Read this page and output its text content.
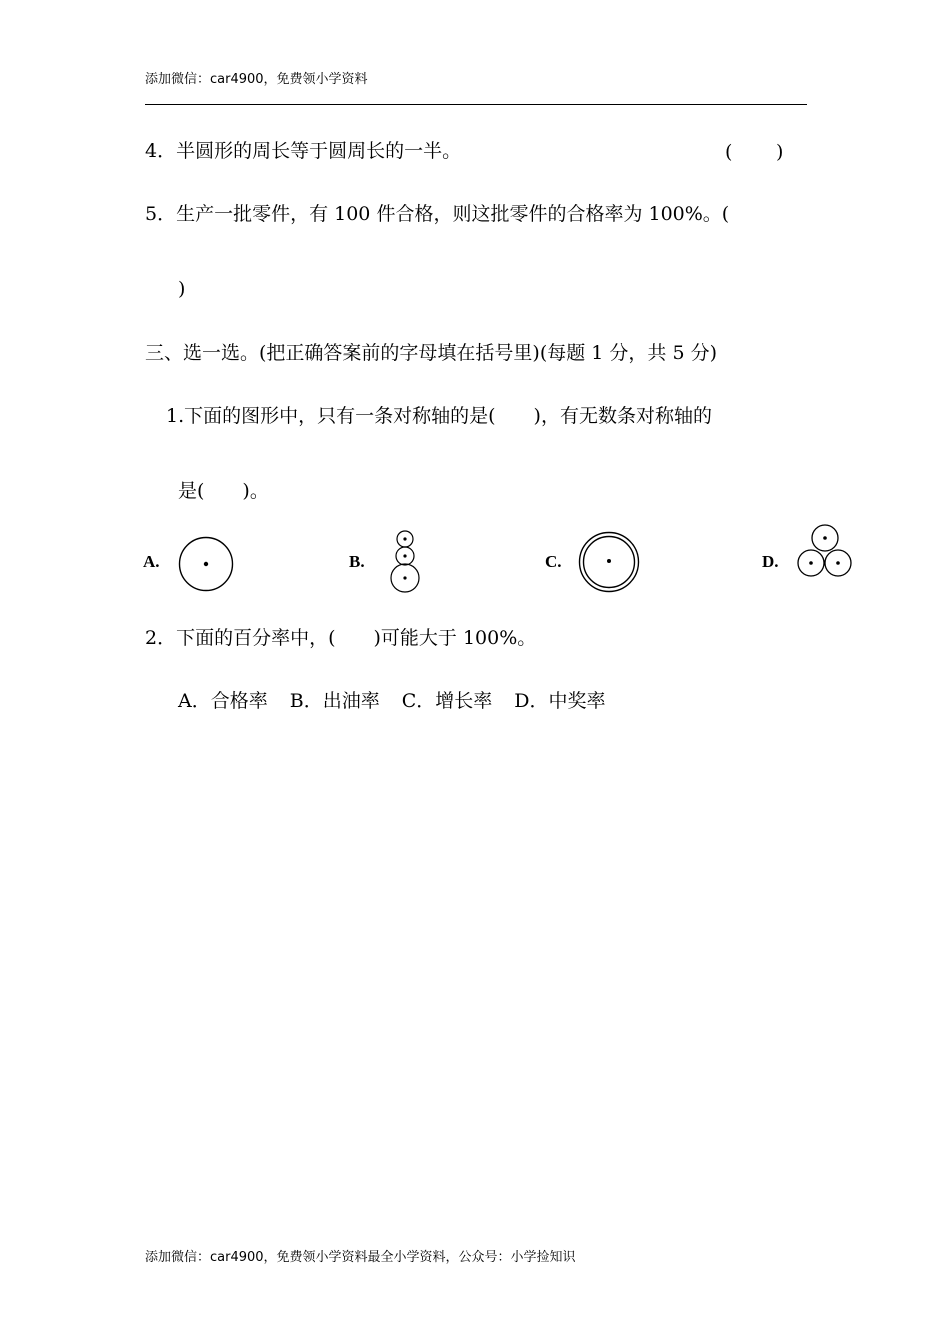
添加微信：car4900，免费领小学资料
4．半圆形的周长等于圆周长的一半。	( )
5．生产一批零件，有 100 件合格，则这批零件的合格率为 100%。(
)
三、选一选。(把正确答案前的字母填在括号里)(每题 1 分，共 5 分)
1.下面的图形中，只有一条对称轴的是(　　)，有无数条对称轴的
是(　　)。
A.	B.	C.	D.
2．下面的百分率中，(　　)可能大于 100%。
A．合格率 B．出油率 C．增长率 D．中奖率
添加微信：car4900，免费领小学资料最全小学资料，公众号：小学捡知识
